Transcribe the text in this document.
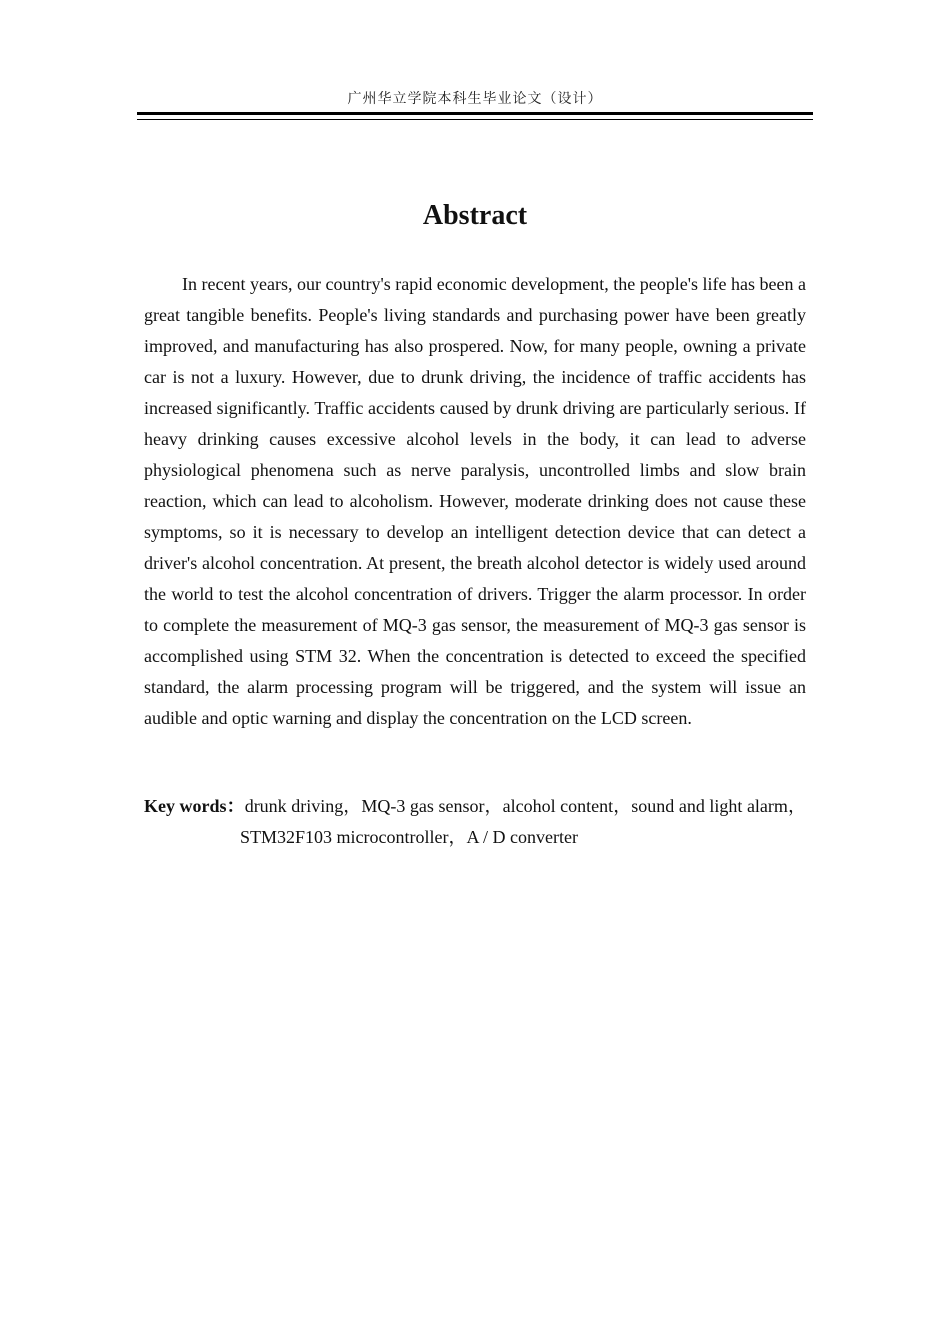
广州华立学院本科生毕业论文（设计）
Abstract

In recent years, our country's rapid economic development, the people's life has been a great tangible benefits. People's living standards and purchasing power have been greatly improved, and manufacturing has also prospered. Now, for many people, owning a private car is not a luxury. However, due to drunk driving, the incidence of traffic accidents has increased significantly. Traffic accidents caused by drunk driving are particularly serious. If heavy drinking causes excessive alcohol levels in the body, it can lead to adverse physiological phenomena such as nerve paralysis, uncontrolled limbs and slow brain reaction, which can lead to alcoholism. However, moderate drinking does not cause these symptoms, so it is necessary to develop an intelligent detection device that can detect a driver's alcohol concentration. At present, the breath alcohol detector is widely used around the world to test the alcohol concentration of drivers. Trigger the alarm processor. In order to complete the measurement of MQ-3 gas sensor, the measurement of MQ-3 gas sensor is accomplished using STM 32. When the concentration is detected to exceed the specified standard, the alarm processing program will be triggered, and the system will issue an audible and optic warning and display the concentration on the LCD screen.

Key words：drunk driving，MQ-3 gas sensor，alcohol content，sound and light alarm，STM32F103 microcontroller，A / D converter
